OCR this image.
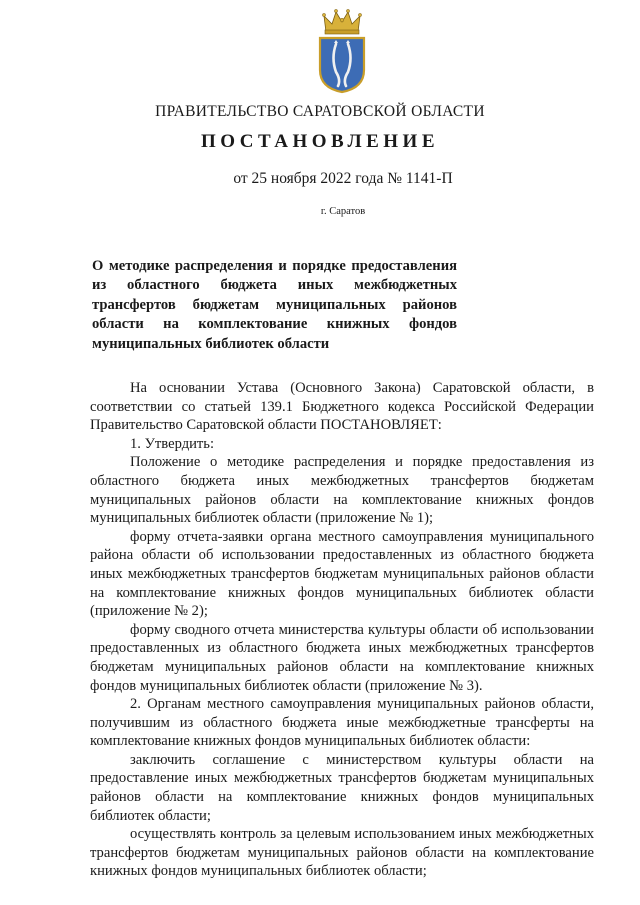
ПРАВИТЕЛЬСТВО САРАТОВСКОЙ ОБЛАСТИ
ПОСТАНОВЛЕНИЕ
от 25 ноября 2022 года № 1141-П
г. Саратов

О методике распределения и порядке предоставления из областного бюджета иных межбюджетных трансфертов бюджетам муниципальных районов области на комплектование книжных фондов муниципальных библиотек области

На основании Устава (Основного Закона) Саратовской области, в соответствии со статьей 139.1 Бюджетного кодекса Российской Федерации Правительство Саратовской области ПОСТАНОВЛЯЕТ:

1. Утвердить:

Положение о методике распределения и порядке предоставления из областного бюджета иных межбюджетных трансфертов бюджетам муниципальных районов области на комплектование книжных фондов муниципальных библиотек области (приложение № 1);

форму отчета-заявки органа местного самоуправления муниципального района области об использовании предоставленных из областного бюджета иных межбюджетных трансфертов бюджетам муниципальных районов области на комплектование книжных фондов муниципальных библиотек области (приложение № 2);

форму сводного отчета министерства культуры области об использовании предоставленных из областного бюджета иных межбюджетных трансфертов бюджетам муниципальных районов области на комплектование книжных фондов муниципальных библиотек области (приложение № 3).

2. Органам местного самоуправления муниципальных районов области, получившим из областного бюджета иные межбюджетные трансферты на комплектование книжных фондов муниципальных библиотек области:

заключить соглашение с министерством культуры области на предоставление иных межбюджетных трансфертов бюджетам муниципальных районов области на комплектование книжных фондов муниципальных библиотек области;

осуществлять контроль за целевым использованием иных межбюджетных трансфертов бюджетам муниципальных районов области на комплектование книжных фондов муниципальных библиотек области;
